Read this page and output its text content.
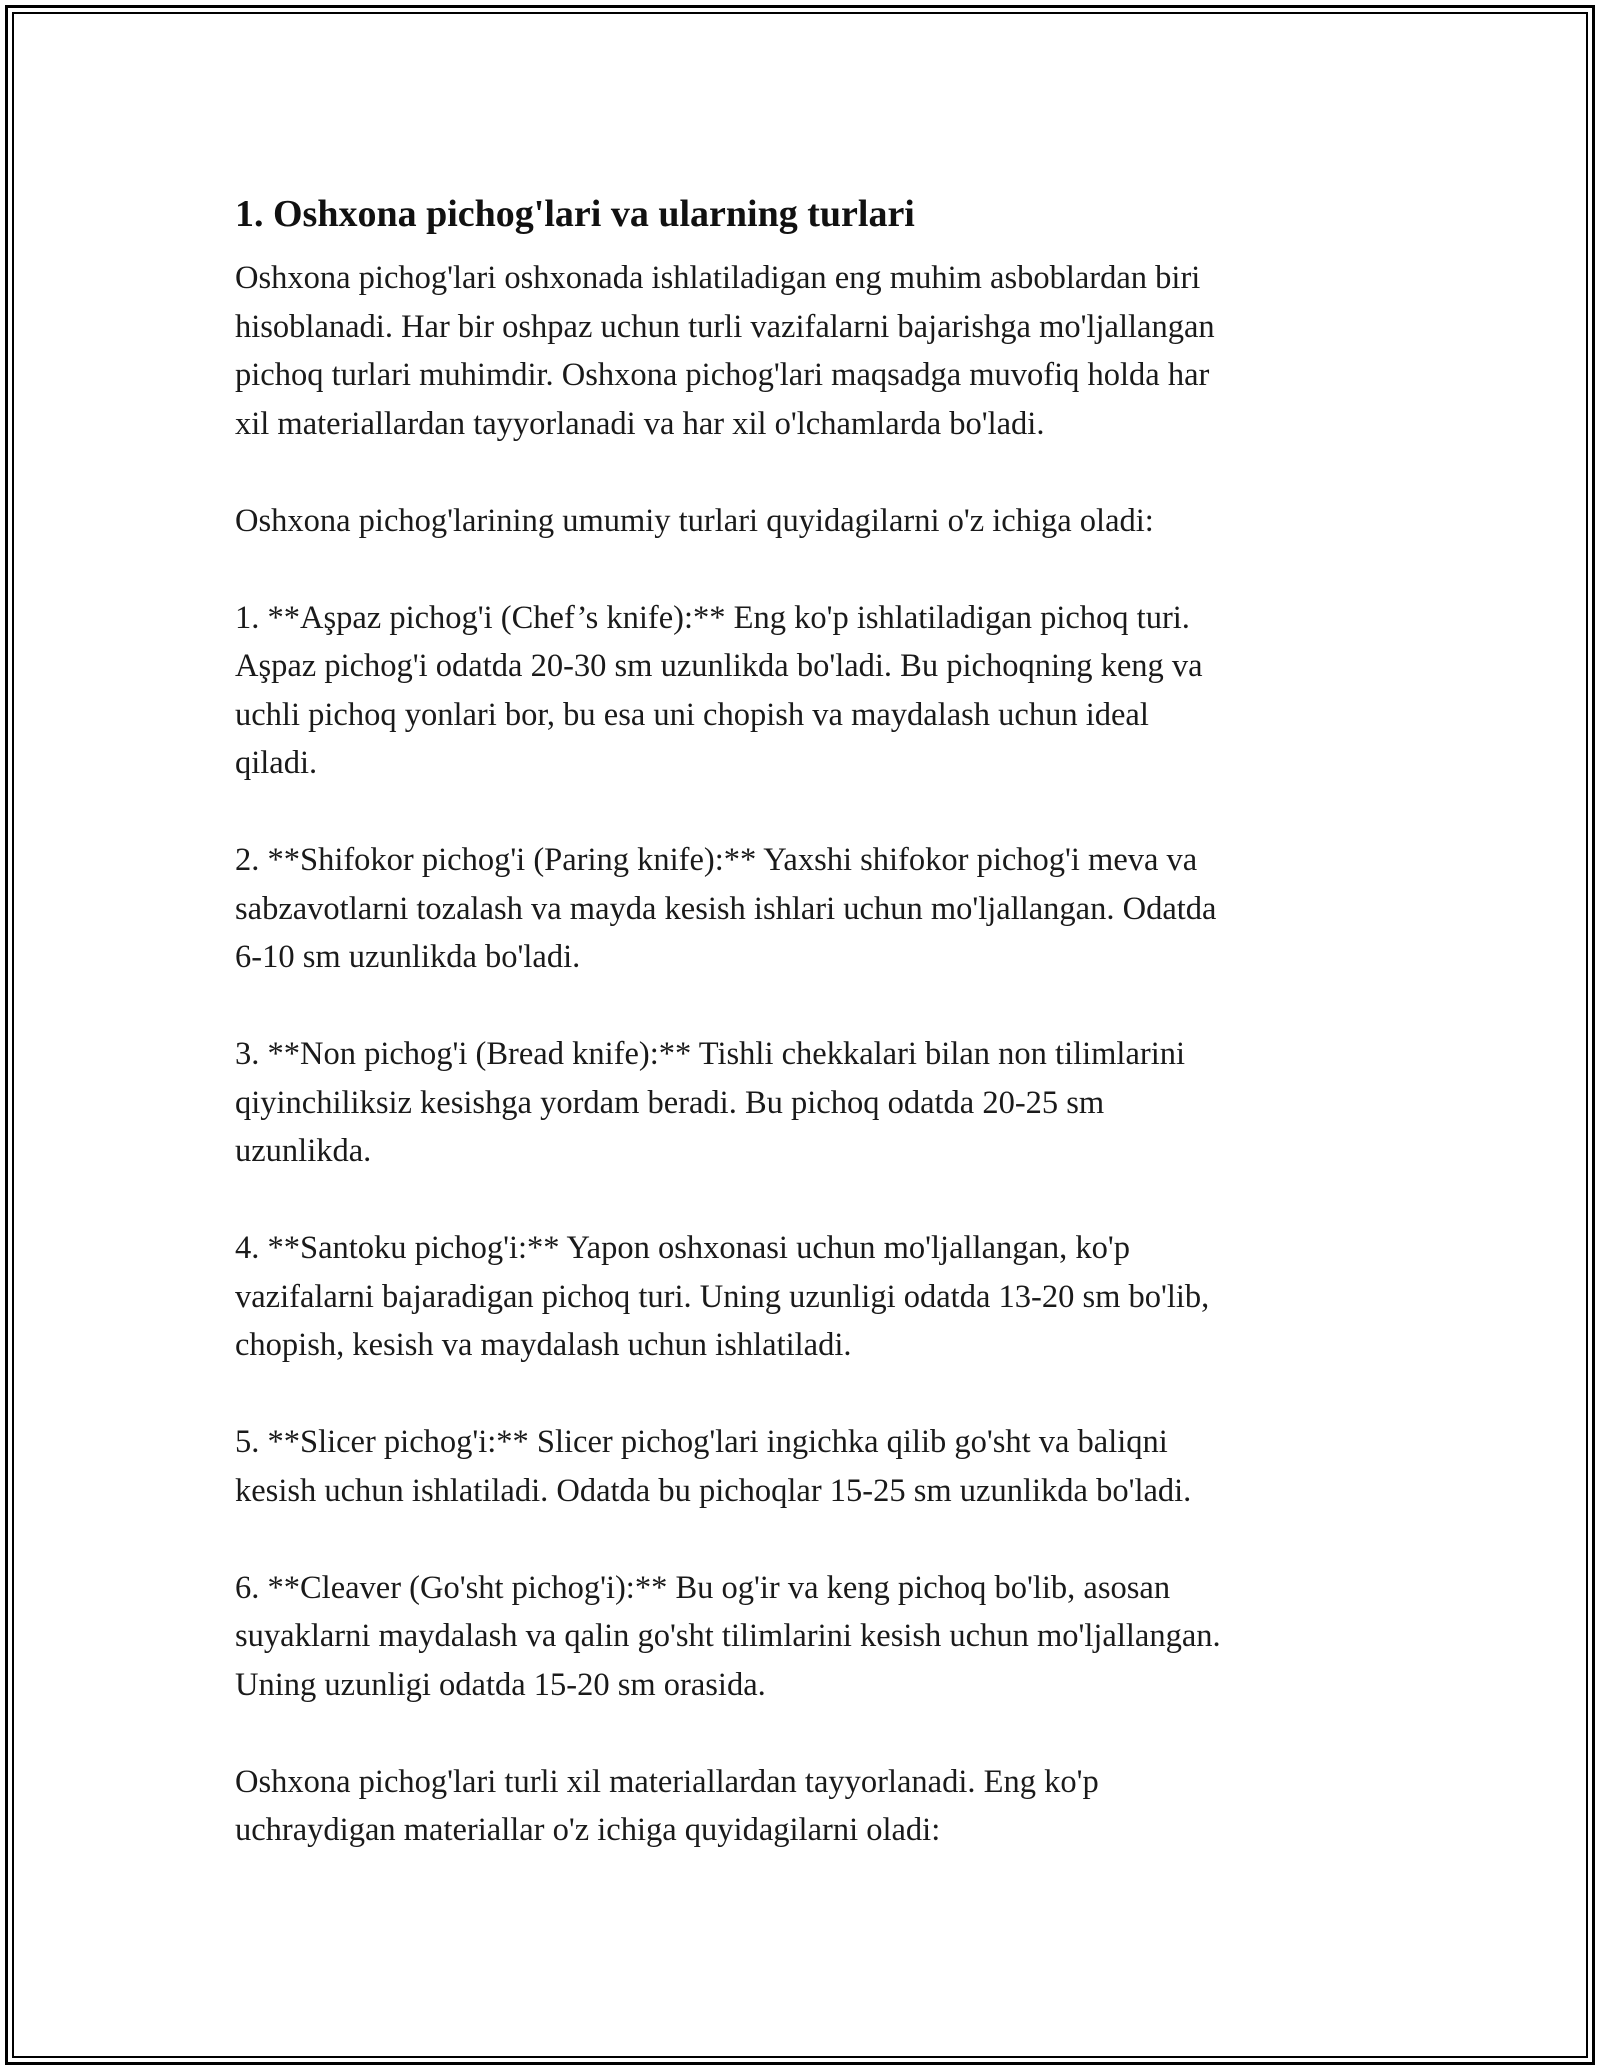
1. Oshxona pichog'lari va ularning turlari

Oshxona pichog'lari oshxonada ishlatiladigan eng muhim asboblardan biri
hisoblanadi. Har bir oshpaz uchun turli vazifalarni bajarishga mo'ljallangan
pichoq turlari muhimdir. Oshxona pichog'lari maqsadga muvofiq holda har
xil materiallardan tayyorlanadi va har xil o'lchamlarda bo'ladi.

Oshxona pichog'larining umumiy turlari quyidagilarni o'z ichiga oladi:

1. **Aşpaz pichog'i (Chef’s knife):** Eng ko'p ishlatiladigan pichoq turi.
Aşpaz pichog'i odatda 20-30 sm uzunlikda bo'ladi. Bu pichoqning keng va
uchli pichoq yonlari bor, bu esa uni chopish va maydalash uchun ideal
qiladi.

2. **Shifokor pichog'i (Paring knife):** Yaxshi shifokor pichog'i meva va
sabzavotlarni tozalash va mayda kesish ishlari uchun mo'ljallangan. Odatda
6-10 sm uzunlikda bo'ladi.

3. **Non pichog'i (Bread knife):** Tishli chekkalari bilan non tilimlarini
qiyinchiliksiz kesishga yordam beradi. Bu pichoq odatda 20-25 sm
uzunlikda.

4. **Santoku pichog'i:** Yapon oshxonasi uchun mo'ljallangan, ko'p
vazifalarni bajaradigan pichoq turi. Uning uzunligi odatda 13-20 sm bo'lib,
chopish, kesish va maydalash uchun ishlatiladi.

5. **Slicer pichog'i:** Slicer pichog'lari ingichka qilib go'sht va baliqni
kesish uchun ishlatiladi. Odatda bu pichoqlar 15-25 sm uzunlikda bo'ladi.

6. **Cleaver (Go'sht pichog'i):** Bu og'ir va keng pichoq bo'lib, asosan
suyaklarni maydalash va qalin go'sht tilimlarini kesish uchun mo'ljallangan.
Uning uzunligi odatda 15-20 sm orasida.

Oshxona pichog'lari turli xil materiallardan tayyorlanadi. Eng ko'p
uchraydigan materiallar o'z ichiga quyidagilarni oladi:
